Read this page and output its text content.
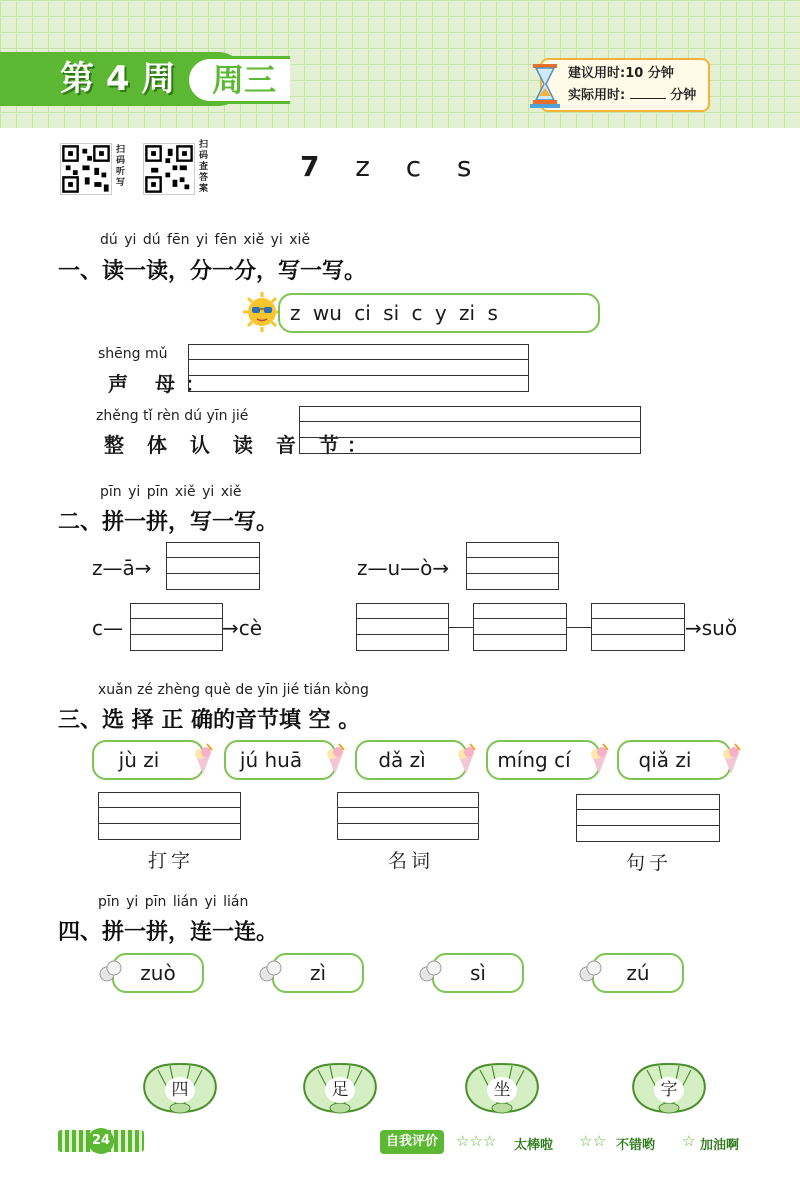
第 4 周 周三	建议用时:10 分钟
实际用时:	分钟
扫码听写
扫码查答案
7 z c s
dú yi dú fēn yi fēn xiě yi xiě
一、读一读，分一分，写一写。
z wu ci si c y zi s
shēng mǔ
声 母：
zhěng tǐ rèn dú yīn jié
整 体 认 读 音 节：
pīn yi pīn xiě yi xiě
二、拼一拼，写一写。
z—ā→	z—u—ò→
c—	→cè	→suǒ
xuǎn zé zhèng què de yīn jié tián kòng
三、选 择 正 确的音节填 空 。
jù zi	jú huā	dǎ zì	míng cí	qiǎ zi
打字	名词	句子
pīn yi pīn lián yi lián
四、拼一拼，连一连。
zuò	zì	sì	zú
四	足	坐	字
24	自我评价	☆☆☆ 太棒啦 ☆☆ 不错哟 ☆ 加油啊
